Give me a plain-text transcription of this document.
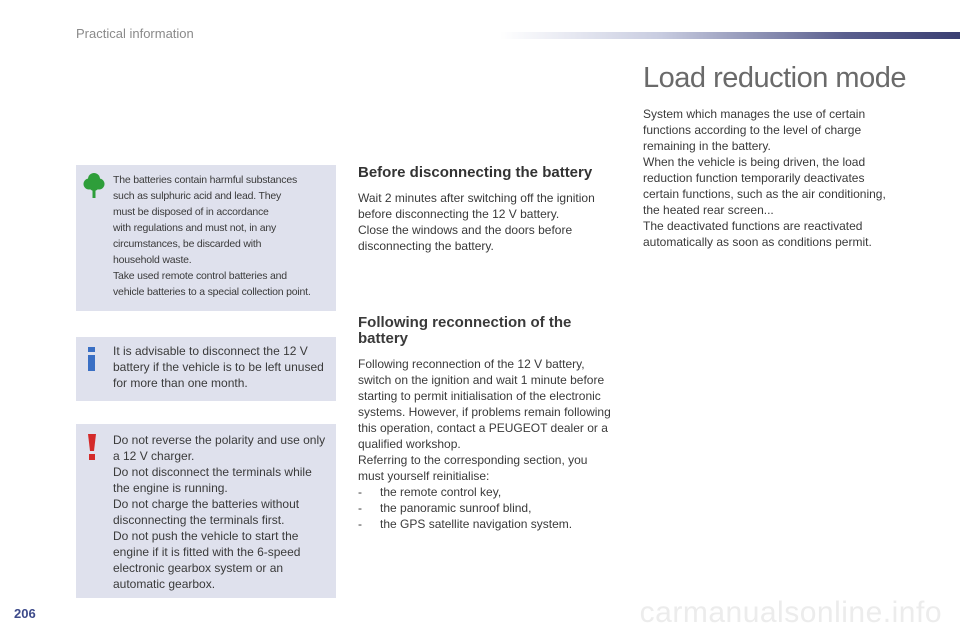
Practical information
The batteries contain harmful substances
such as sulphuric acid and lead. They
must be disposed of in accordance
with regulations and must not, in any
circumstances, be discarded with
household waste.
Take used remote control batteries and
vehicle batteries to a special collection point.
It is advisable to disconnect the 12 V
battery if the vehicle is to be left unused
for more than one month.
Do not reverse the polarity and use only
a 12 V charger.
Do not disconnect the terminals while
the engine is running.
Do not charge the batteries without
disconnecting the terminals first.
Do not push the vehicle to start the
engine if it is fitted with the 6-speed
electronic gearbox system or an
automatic gearbox.
Before disconnecting the battery
Wait 2 minutes after switching off the ignition
before disconnecting the 12 V battery.
Close the windows and the doors before
disconnecting the battery.
Following reconnection of the
battery
Following reconnection of the 12 V battery,
switch on the ignition and wait 1 minute before
starting to permit initialisation of the electronic
systems. However, if problems remain following
this operation, contact a PEUGEOT dealer or a
qualified workshop.
Referring to the corresponding section, you
must yourself reinitialise:
-	the remote control key,
-	the panoramic sunroof blind,
-	the GPS satellite navigation system.
Load reduction mode
System which manages the use of certain
functions according to the level of charge
remaining in the battery.
When the vehicle is being driven, the load
reduction function temporarily deactivates
certain functions, such as the air conditioning,
the heated rear screen...
The deactivated functions are reactivated
automatically as soon as conditions permit.
206	carmanualsonline.info
